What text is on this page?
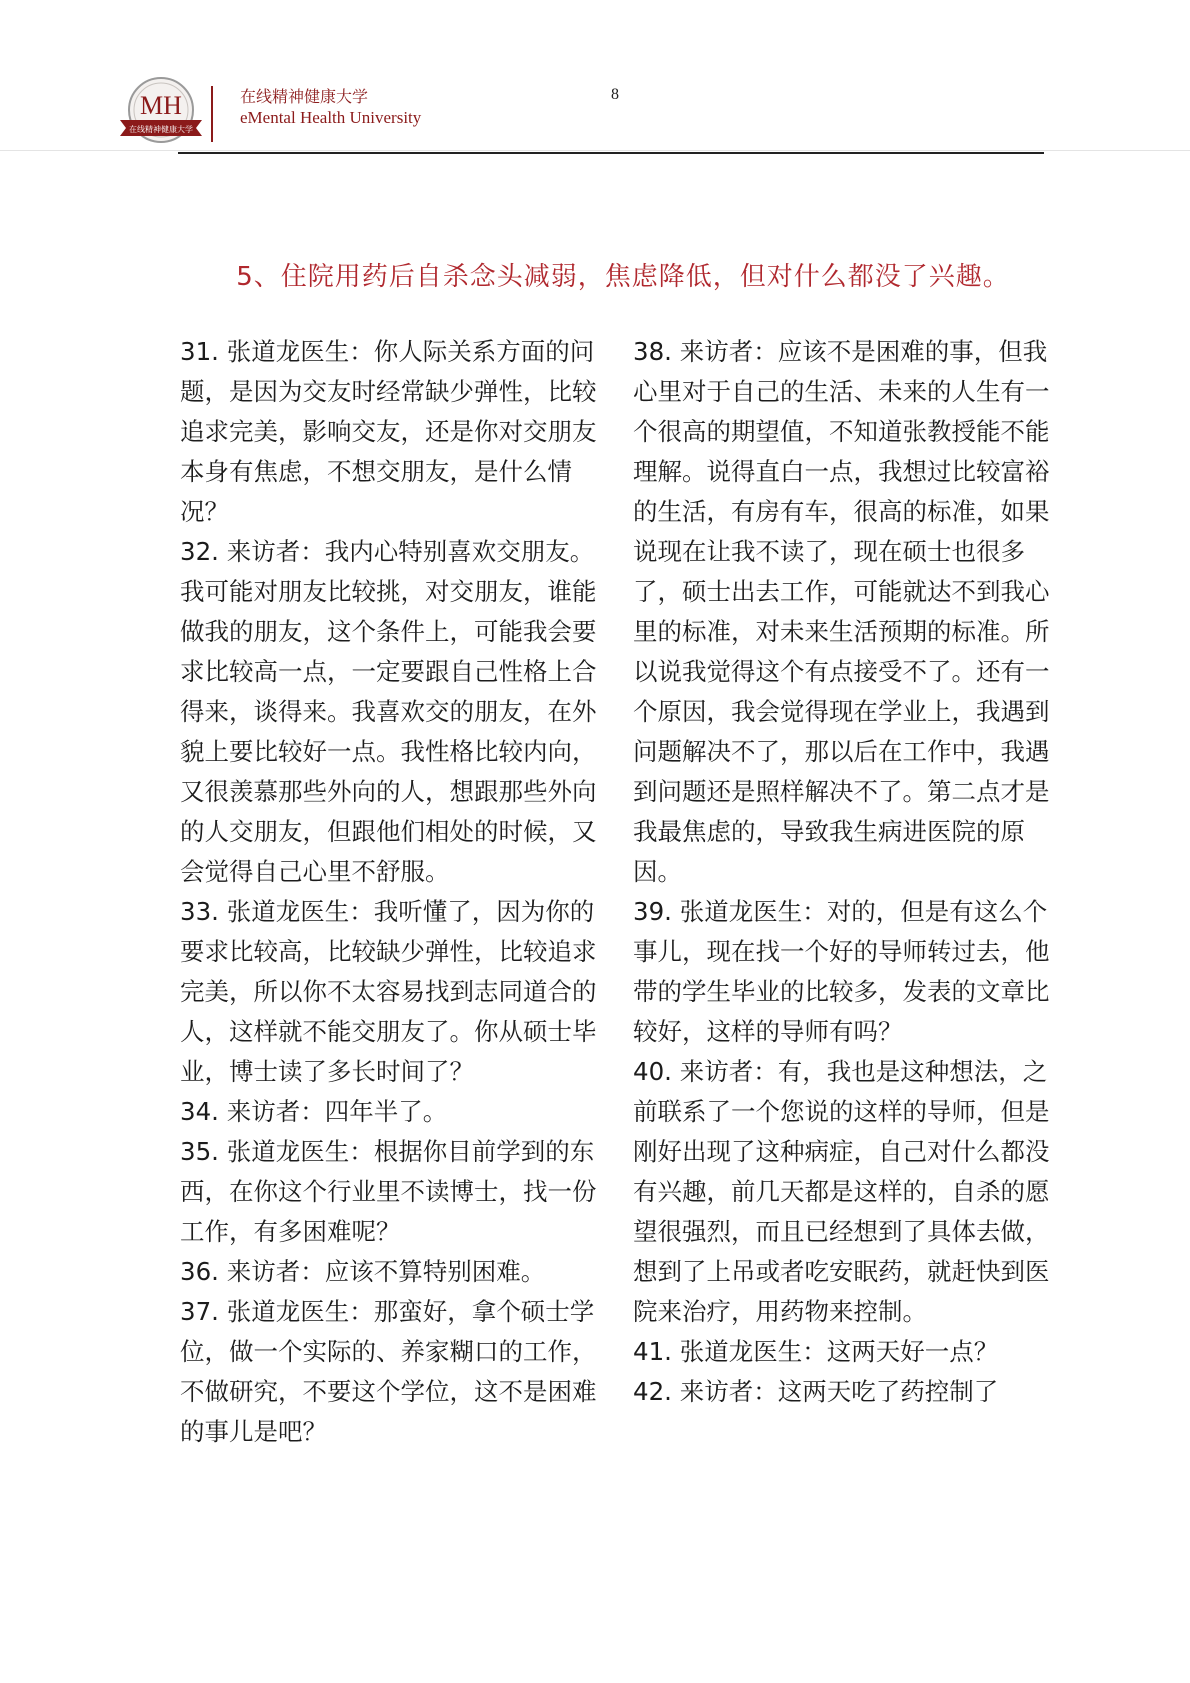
MH
在线精神健康大学
在线精神健康大学
eMental Health University
8
5、住院用药后自杀念头减弱，焦虑降低，但对什么都没了兴趣。

31. 张道龙医生：你人际关系方面的问题，是因为交友时经常缺少弹性，比较追求完美，影响交友，还是你对交朋友本身有焦虑，不想交朋友，是什么情况？

32. 来访者：我内心特别喜欢交朋友。我可能对朋友比较挑，对交朋友，谁能做我的朋友，这个条件上，可能我会要求比较高一点，一定要跟自己性格上合得来，谈得来。我喜欢交的朋友，在外貌上要比较好一点。我性格比较内向，又很羡慕那些外向的人，想跟那些外向的人交朋友，但跟他们相处的时候，又会觉得自己心里不舒服。

33. 张道龙医生：我听懂了，因为你的要求比较高，比较缺少弹性，比较追求完美，所以你不太容易找到志同道合的人，这样就不能交朋友了。你从硕士毕业，博士读了多长时间了？

34. 来访者：四年半了。

35. 张道龙医生：根据你目前学到的东西，在你这个行业里不读博士，找一份工作，有多困难呢？

36. 来访者：应该不算特别困难。

37. 张道龙医生：那蛮好，拿个硕士学位，做一个实际的、养家糊口的工作，不做研究，不要这个学位，这不是困难的事儿是吧？

38. 来访者：应该不是困难的事，但我心里对于自己的生活、未来的人生有一个很高的期望值，不知道张教授能不能理解。说得直白一点，我想过比较富裕的生活，有房有车，很高的标准，如果说现在让我不读了，现在硕士也很多了，硕士出去工作，可能就达不到我心里的标准，对未来生活预期的标准。所以说我觉得这个有点接受不了。还有一个原因，我会觉得现在学业上，我遇到问题解决不了，那以后在工作中，我遇到问题还是照样解决不了。第二点才是我最焦虑的，导致我生病进医院的原因。

39. 张道龙医生：对的，但是有这么个事儿，现在找一个好的导师转过去，他带的学生毕业的比较多，发表的文章比较好，这样的导师有吗？

40. 来访者：有，我也是这种想法，之前联系了一个您说的这样的导师，但是刚好出现了这种病症，自己对什么都没有兴趣，前几天都是这样的，自杀的愿望很强烈，而且已经想到了具体去做，想到了上吊或者吃安眠药，就赶快到医院来治疗，用药物来控制。

41. 张道龙医生：这两天好一点？

42. 来访者：这两天吃了药控制了
